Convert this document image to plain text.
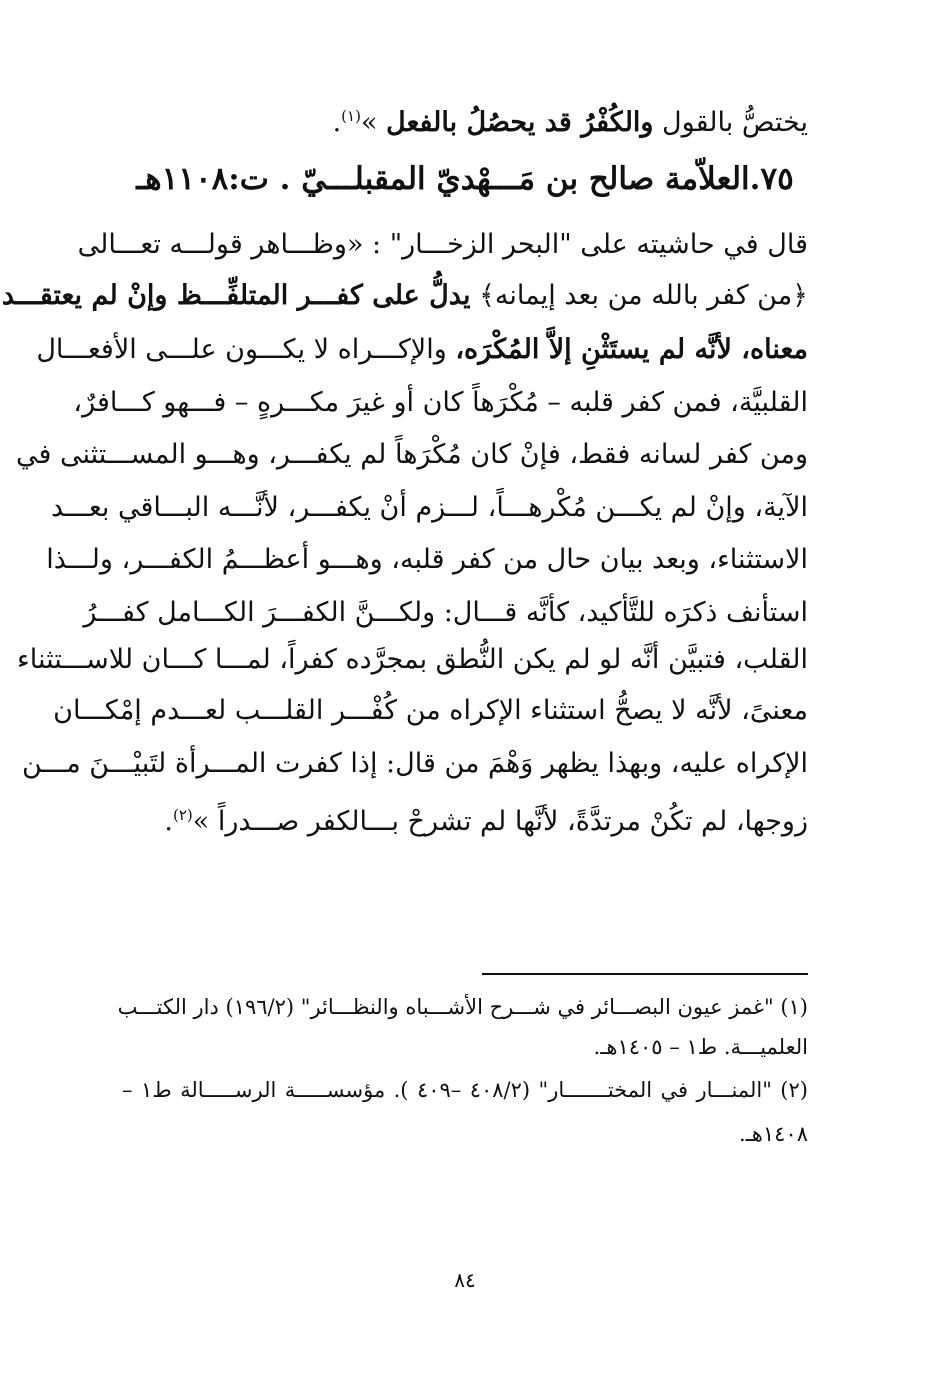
يختصُّ بالقول والكُفْرُ قد يحصُلُ بالفعل »$^{(١)}$.
٧٥.العلاّمة صالح بن مَـــهْديّ المقبلـــيّ . ت:١١٠٨هـ
قال في حاشيته على "البحر الزخـــار" : «وظـــاهر قولـــه تعـــالى
﴿من كفر بالله من بعد إيمانه﴾ يدلُّ على كفـــر المتلفِّـــظ وإنْ لم يعتقـــد
معناه، لأنَّه لم يستَثْنِ إلاَّ المُكْرَه، والإكـــراه لا يكـــون علـــى الأفعـــال
القلبيَّة، فمن كفر قلبه – مُكْرَهاً كان أو غيرَ مكـــرهٍ – فـــهو كـــافرٌ،
ومن كفر لسانه فقط، فإنْ كان مُكْرَهاً لم يكفـــر، وهـــو المســـتثنى في
الآية، وإنْ لم يكـــن مُكْرهـــاً، لـــزم أنْ يكفـــر، لأنَّـــه البـــاقي بعـــد
الاستثناء، وبعد بيان حال من كفر قلبه، وهـــو أعظـــمُ الكفـــر، ولـــذا
استأنف ذكرَه للتَّأكيد، كأنَّه قـــال: ولكـــنَّ الكفـــرَ الكـــامل كفـــرُ
القلب، فتبيَّن أنَّه لو لم يكن النُّطق بمجرَّده كفراً، لمـــا كـــان للاســـتثناء
معنىً، لأنَّه لا يصحُّ استثناء الإكراه من كُفْـــر القلـــب لعـــدم إمْكـــان
الإكراه عليه، وبهذا يظهر وَهْمَ من قال: إذا كفرت المـــرأة لتَبيْـــنَ مـــن
زوجها، لم تكُنْ مرتدَّةً، لأنَّها لم تشرحْ بـــالكفر صـــدراً »$^{(٢)}$.
(١) "غمز عيون البصـــائر في شـــرح الأشـــباه والنظـــائر" (١٩٦/٢) دار الكتـــب
العلميـــة. ط١ – ١٤٠٥هـ.
(٢) "المنـــار في المختـــــــار" (٤٠٨/٢ –٤٠٩ ). مؤسســـــة الرســـــالة ط١ –
١٤٠٨هـ.
٨٤
